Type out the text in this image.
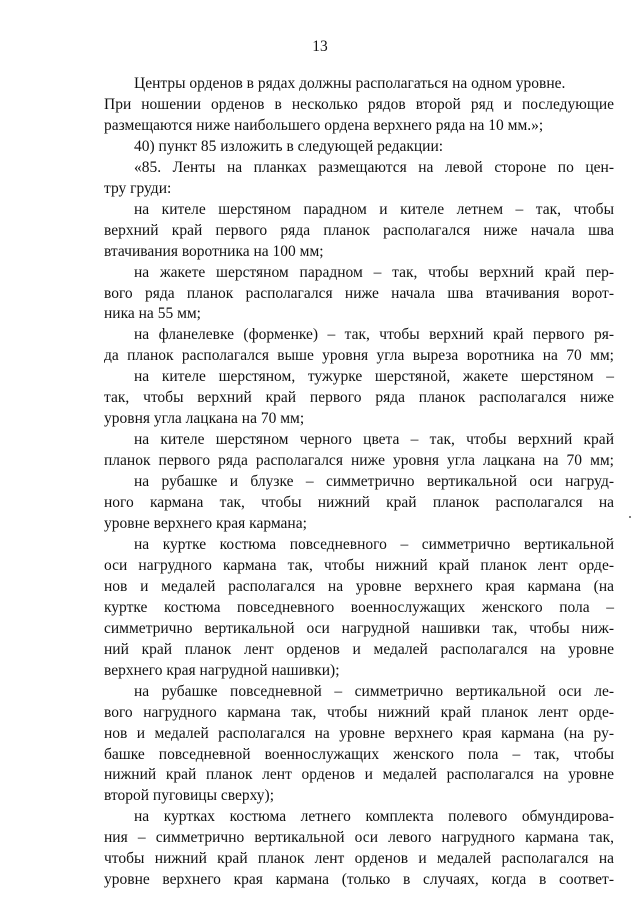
13
Центры орденов в рядах должны располагаться на одном уровне.
При ношении орденов в несколько рядов второй ряд и последующие
размещаются ниже наибольшего ордена верхнего ряда на 10 мм.»;
40) пункт 85 изложить в следующей редакции:
«85. Ленты на планках размещаются на левой стороне по цен-
тру груди:
на кителе шерстяном парадном и кителе летнем – так, чтобы
верхний край первого ряда планок располагался ниже начала шва
втачивания воротника на 100 мм;
на жакете шерстяном парадном – так, чтобы верхний край пер-
вого ряда планок располагался ниже начала шва втачивания ворот-
ника на 55 мм;
на фланелевке (форменке) – так, чтобы верхний край первого ря-
да планок располагался выше уровня угла выреза воротника на 70 мм;
на кителе шерстяном, тужурке шерстяной, жакете шерстяном –
так, чтобы верхний край первого ряда планок располагался ниже
уровня угла лацкана на 70 мм;
на кителе шерстяном черного цвета – так, чтобы верхний край
планок первого ряда располагался ниже уровня угла лацкана на 70 мм;
на рубашке и блузке – симметрично вертикальной оси нагруд-
ного кармана так, чтобы нижний край планок располагался на
уровне верхнего края кармана;
на куртке костюма повседневного – симметрично вертикальной
оси нагрудного кармана так, чтобы нижний край планок лент орде-
нов и медалей располагался на уровне верхнего края кармана (на
куртке костюма повседневного военнослужащих женского пола –
симметрично вертикальной оси нагрудной нашивки так, чтобы ниж-
ний край планок лент орденов и медалей располагался на уровне
верхнего края нагрудной нашивки);
на рубашке повседневной – симметрично вертикальной оси ле-
вого нагрудного кармана так, чтобы нижний край планок лент орде-
нов и медалей располагался на уровне верхнего края кармана (на ру-
башке повседневной военнослужащих женского пола – так, чтобы
нижний край планок лент орденов и медалей располагался на уровне
второй пуговицы сверху);
на куртках костюма летнего комплекта полевого обмундирова-
ния – симметрично вертикальной оси левого нагрудного кармана так,
чтобы нижний край планок лент орденов и медалей располагался на
уровне верхнего края кармана (только в случаях, когда в соответ-
